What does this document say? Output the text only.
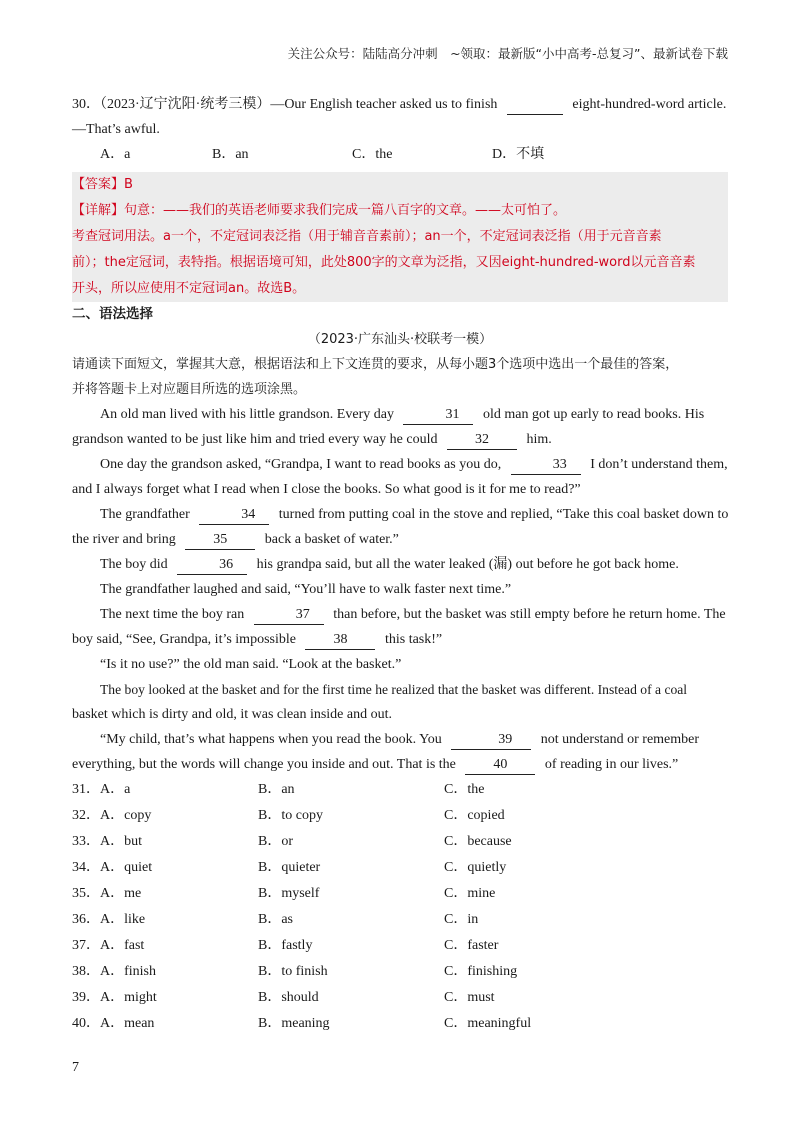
关注公众号：陆陆高分冲刺　~领取：最新版“小中高考-总复习”、最新试卷下载
30．（2023·辽宁沈阳·统考三模）—Our English teacher asked us to finish	eight-hundred-word article.
—That’s awful.
A．a	B．an	C．the	D．不填
【答案】B
【详解】句意：——我们的英语老师要求我们完成一篇八百字的文章。——太可怕了。
考查冠词用法。a一个，不定冠词表泛指（用于辅音音素前）；an一个，不定冠词表泛指（用于元音音素
前）；the定冠词，表特指。根据语境可知，此处800字的文章为泛指，又因eight-hundred-word以元音音素
开头，所以应使用不定冠词an。故选B。
二、语法选择
（2023·广东汕头·校联考一模）
请通读下面短文，掌握其大意，根据语法和上下文连贯的要求，从每小题3个选项中选出一个最佳的答案，
并将答题卡上对应题目所选的选项涂黑。
An old man lived with his little grandson. Every day	31 old man got up early to read books. His
grandson wanted to be just like him and tried every way he could	32	him.
One day the grandson asked, “Grandpa, I want to read books as you do,	33 I don’t understand them,
and I always forget what I read when I close the books. So what good is it for me to read?”
The grandfather	34 turned from putting coal in the stove and replied, “Take this coal basket down to
the river and bring	35	back a basket of water.”
The boy did	36 his grandpa said, but all the water leaked (漏) out before he got back home.
The grandfather laughed and said, “You’ll have to walk faster next time.”
The next time the boy ran	37 than before, but the basket was still empty before he return home. The
boy said, “See, Grandpa, it’s impossible	38	this task!”
“Is it no use?” the old man said. “Look at the basket.”
The boy looked at the basket and for the first time he realized that the basket was different. Instead of a coal
basket which is dirty and old, it was clean inside and out.
“My child, that’s what happens when you read the book. You	39 not understand or remember
everything, but the words will change you inside and out. That is the	40	of reading in our lives.”
31．A．a	B．an	C．the
32．A．copy	B．to copy	C．copied
33．A．but	B．or	C．because
34．A．quiet	B．quieter	C．quietly
35．A．me	B．myself	C．mine
36．A．like	B．as	C．in
37．A．fast	B．fastly	C．faster
38．A．finish	B．to finish	C．finishing
39．A．might	B．should	C．must
40．A．mean	B．meaning	C．meaningful
7
